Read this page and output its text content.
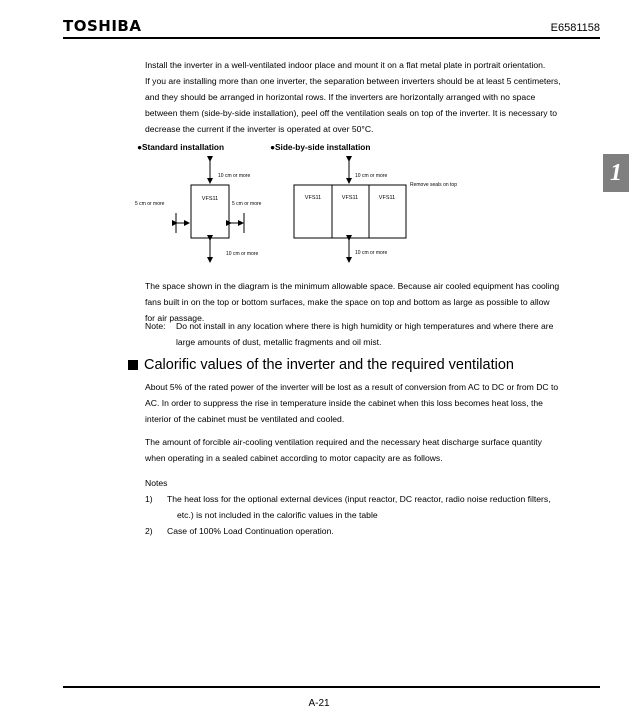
TOSHIBA	E6581158
1
Install the inverter in a well-ventilated indoor place and mount it on a flat metal plate in portrait orientation.
If you are installing more than one inverter, the separation between inverters should be at least 5 centimeters,
and they should be arranged in horizontal rows. If the inverters are horizontally arranged with no space
between them (side-by-side installation), peel off the ventilation seals on top of the inverter. It is necessary to
decrease the current if the inverter is operated at over 50°C.
●Standard installation	●Side-by-side installation
VFS11
10 cm or more
10 cm or more
5 cm or more	5 cm or more
VFS11	VFS11	VFS11
10 cm or more
Remove seals on top
10 cm or more
The space shown in the diagram is the minimum allowable space. Because air cooled equipment has cooling
fans built in on the top or bottom surfaces, make the space on top and bottom as large as possible to allow
for air passage.
Note: Do not install in any location where there is high humidity or high temperatures and where there are
large amounts of dust, metallic fragments and oil mist.
Calorific values of the inverter and the required ventilation
About 5% of the rated power of the inverter will be lost as a result of conversion from AC to DC or from DC to
AC. In order to suppress the rise in temperature inside the cabinet when this loss becomes heat loss, the
interior of the cabinet must be ventilated and cooled.
The amount of forcible air-cooling ventilation required and the necessary heat discharge surface quantity
when operating in a sealed cabinet according to motor capacity are as follows.
Notes
1) The heat loss for the optional external devices (input reactor, DC reactor, radio noise reduction filters,
etc.) is not included in the calorific values in the table
2) Case of 100% Load Continuation operation.
A-21
